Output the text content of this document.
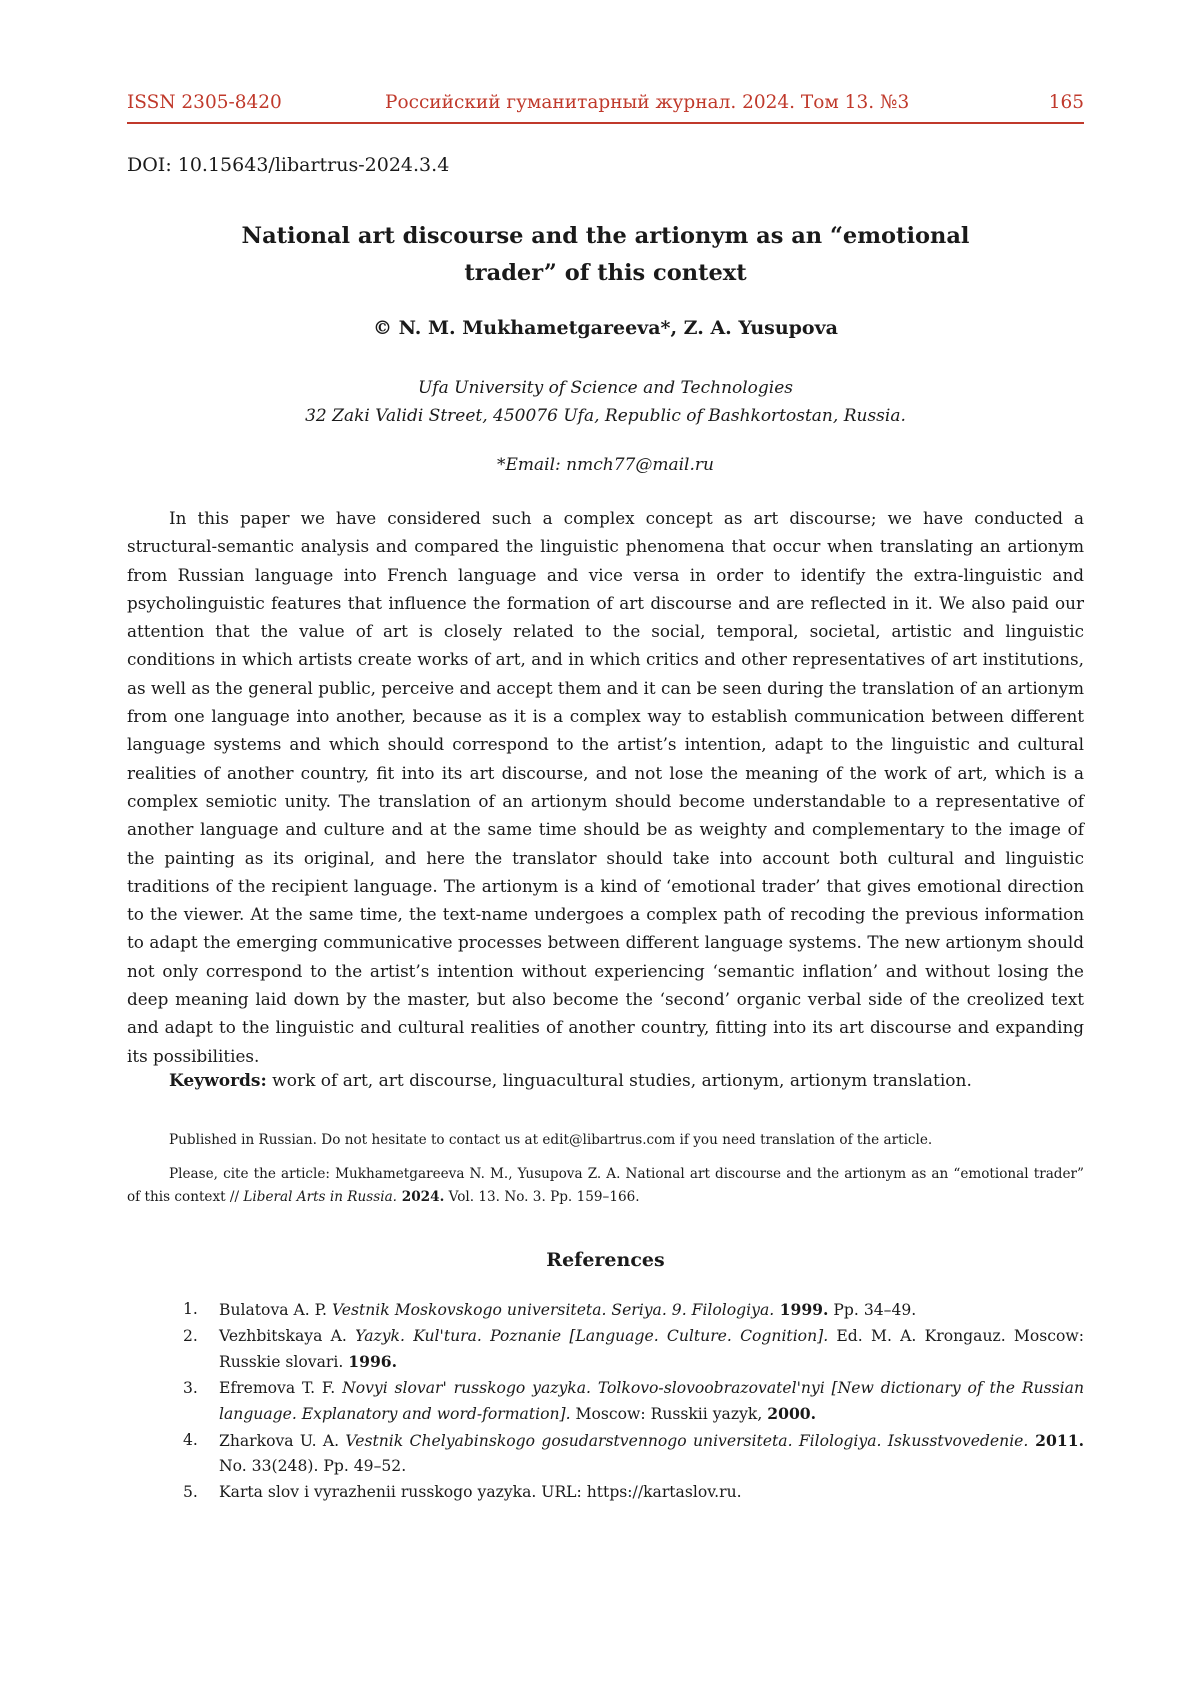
ISSN 2305-8420	Российский гуманитарный журнал. 2024. Том 13. №3	165
DOI: 10.15643/libartrus-2024.3.4
National art discourse and the artionym as an “emotional
trader” of this context
© N. M. Mukhametgareeva*, Z. A. Yusupova
Ufa University of Science and Technologies
32 Zaki Validi Street, 450076 Ufa, Republic of Bashkortostan, Russia.
*Email: nmch77@mail.ru

In this paper we have considered such a complex concept as art discourse; we have conducted a structural-semantic analysis and compared the linguistic phenomena that occur when translating an artionym from Russian language into French language and vice versa in order to identify the extra-linguistic and psycholinguistic features that influence the formation of art discourse and are reflected in it. We also paid our attention that the value of art is closely related to the social, temporal, societal, artistic and linguistic conditions in which artists create works of art, and in which critics and other representatives of art institutions, as well as the general public, perceive and accept them and it can be seen during the translation of an artionym from one language into another, because as it is a complex way to establish communication between different language systems and which should correspond to the artist’s intention, adapt to the linguistic and cultural realities of another country, fit into its art discourse, and not lose the meaning of the work of art, which is a complex semiotic unity. The translation of an artionym should become understandable to a representative of another language and culture and at the same time should be as weighty and complementary to the image of the painting as its original, and here the translator should take into account both cultural and linguistic traditions of the recipient language. The artionym is a kind of ‘emotional trader’ that gives emotional direction to the viewer. At the same time, the text-name undergoes a complex path of recoding the previous information to adapt the emerging communicative processes between different language systems. The new artionym should not only correspond to the artist’s intention without experiencing ‘semantic inflation’ and without losing the deep meaning laid down by the master, but also become the ‘second’ organic verbal side of the creolized text and adapt to the linguistic and cultural realities of another country, fitting into its art discourse and expanding its possibilities.

Keywords: work of art, art discourse, linguacultural studies, artionym, artionym translation.

Published in Russian. Do not hesitate to contact us at edit@libartrus.com if you need translation of the article.

Please, cite the article: Mukhametgareeva N. M., Yusupova Z. A. National art discourse and the artionym as an “emotional trader” of this context // Liberal Arts in Russia. 2024. Vol. 13. No. 3. Pp. 159–166.

References
1. Bulatova A. P. Vestnik Moskovskogo universiteta. Seriya. 9. Filologiya. 1999. Pp. 34–49.
2. Vezhbitskaya A. Yazyk. Kul'tura. Poznanie [Language. Culture. Cognition]. Ed. M. A. Krongauz. Moscow: Russkie slovari. 1996.
3. Efremova T. F. Novyi slovar' russkogo yazyka. Tolkovo-slovoobrazovatel'nyi [New dictionary of the Russian language. Explanatory and word-formation]. Moscow: Russkii yazyk, 2000.
4. Zharkova U. A. Vestnik Chelyabinskogo gosudarstvennogo universiteta. Filologiya. Iskusstvovedenie. 2011. No. 33(248). Pp. 49–52.
5. Karta slov i vyrazhenii russkogo yazyka. URL: https://kartaslov.ru.
